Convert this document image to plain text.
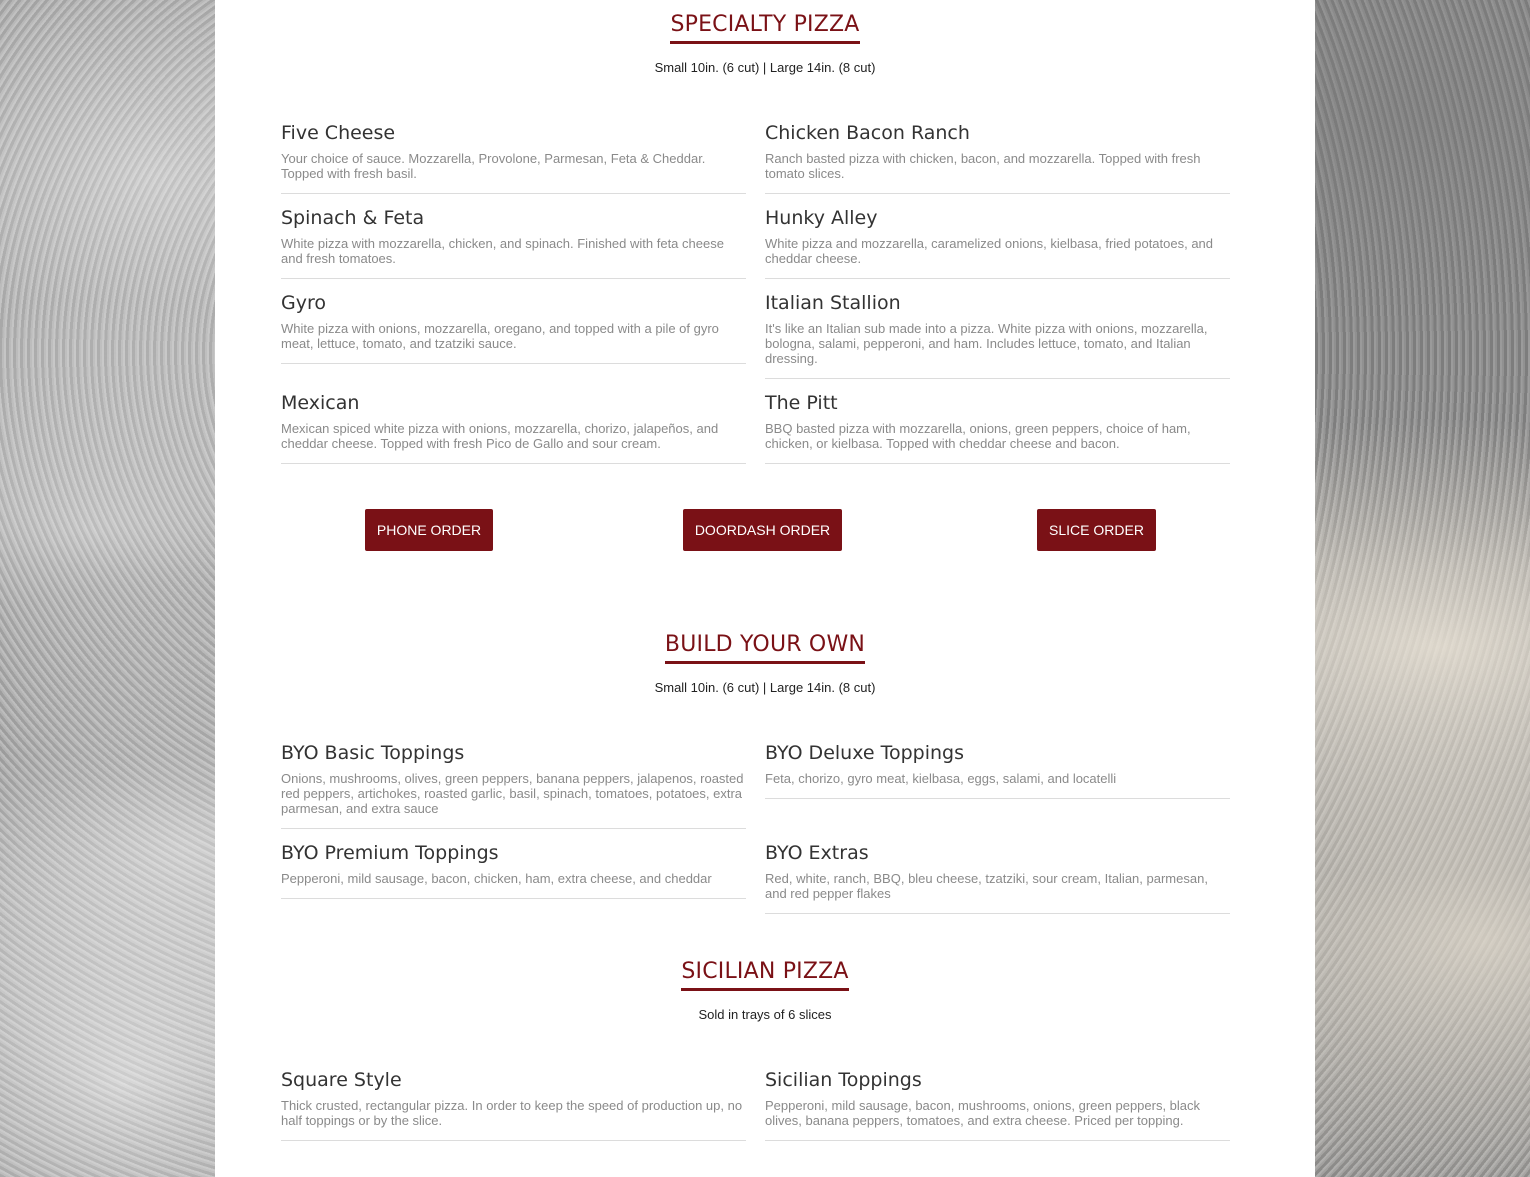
SPECIALTY PIZZA
Small 10in. (6 cut) | Large 14in. (8 cut)

Five Cheese

Your choice of sauce. Mozzarella, Provolone, Parmesan, Feta & Cheddar. Topped with fresh basil.

Chicken Bacon Ranch

Ranch basted pizza with chicken, bacon, and mozzarella. Topped with fresh tomato slices.

Spinach & Feta

White pizza with mozzarella, chicken, and spinach. Finished with feta cheese and fresh tomatoes.

Hunky Alley

White pizza and mozzarella, caramelized onions, kielbasa, fried potatoes, and cheddar cheese.

Gyro

White pizza with onions, mozzarella, oregano, and topped with a pile of gyro meat, lettuce, tomato, and tzatziki sauce.

Italian Stallion

It's like an Italian sub made into a pizza. White pizza with onions, mozzarella, bologna, salami, pepperoni, and ham. Includes lettuce, tomato, and Italian dressing.

Mexican

Mexican spiced white pizza with onions, mozzarella, chorizo, jalapeños, and cheddar cheese. Topped with fresh Pico de Gallo and sour cream.

The Pitt

BBQ basted pizza with mozzarella, onions, green peppers, choice of ham, chicken, or kielbasa. Topped with cheddar cheese and bacon.

PHONE ORDER	DOORDASH ORDER	SLICE ORDER
BUILD YOUR OWN
Small 10in. (6 cut) | Large 14in. (8 cut)

BYO Basic Toppings

Onions, mushrooms, olives, green peppers, banana peppers, jalapenos, roasted red peppers, artichokes, roasted garlic, basil, spinach, tomatoes, potatoes, extra parmesan, and extra sauce

BYO Deluxe Toppings

Feta, chorizo, gyro meat, kielbasa, eggs, salami, and locatelli

BYO Premium Toppings

Pepperoni, mild sausage, bacon, chicken, ham, extra cheese, and cheddar

BYO Extras

Red, white, ranch, BBQ, bleu cheese, tzatziki, sour cream, Italian, parmesan, and red pepper flakes

SICILIAN PIZZA
Sold in trays of 6 slices

Square Style

Thick crusted, rectangular pizza. In order to keep the speed of production up, no half toppings or by the slice.

Sicilian Toppings

Pepperoni, mild sausage, bacon, mushrooms, onions, green peppers, black olives, banana peppers, tomatoes, and extra cheese. Priced per topping.
